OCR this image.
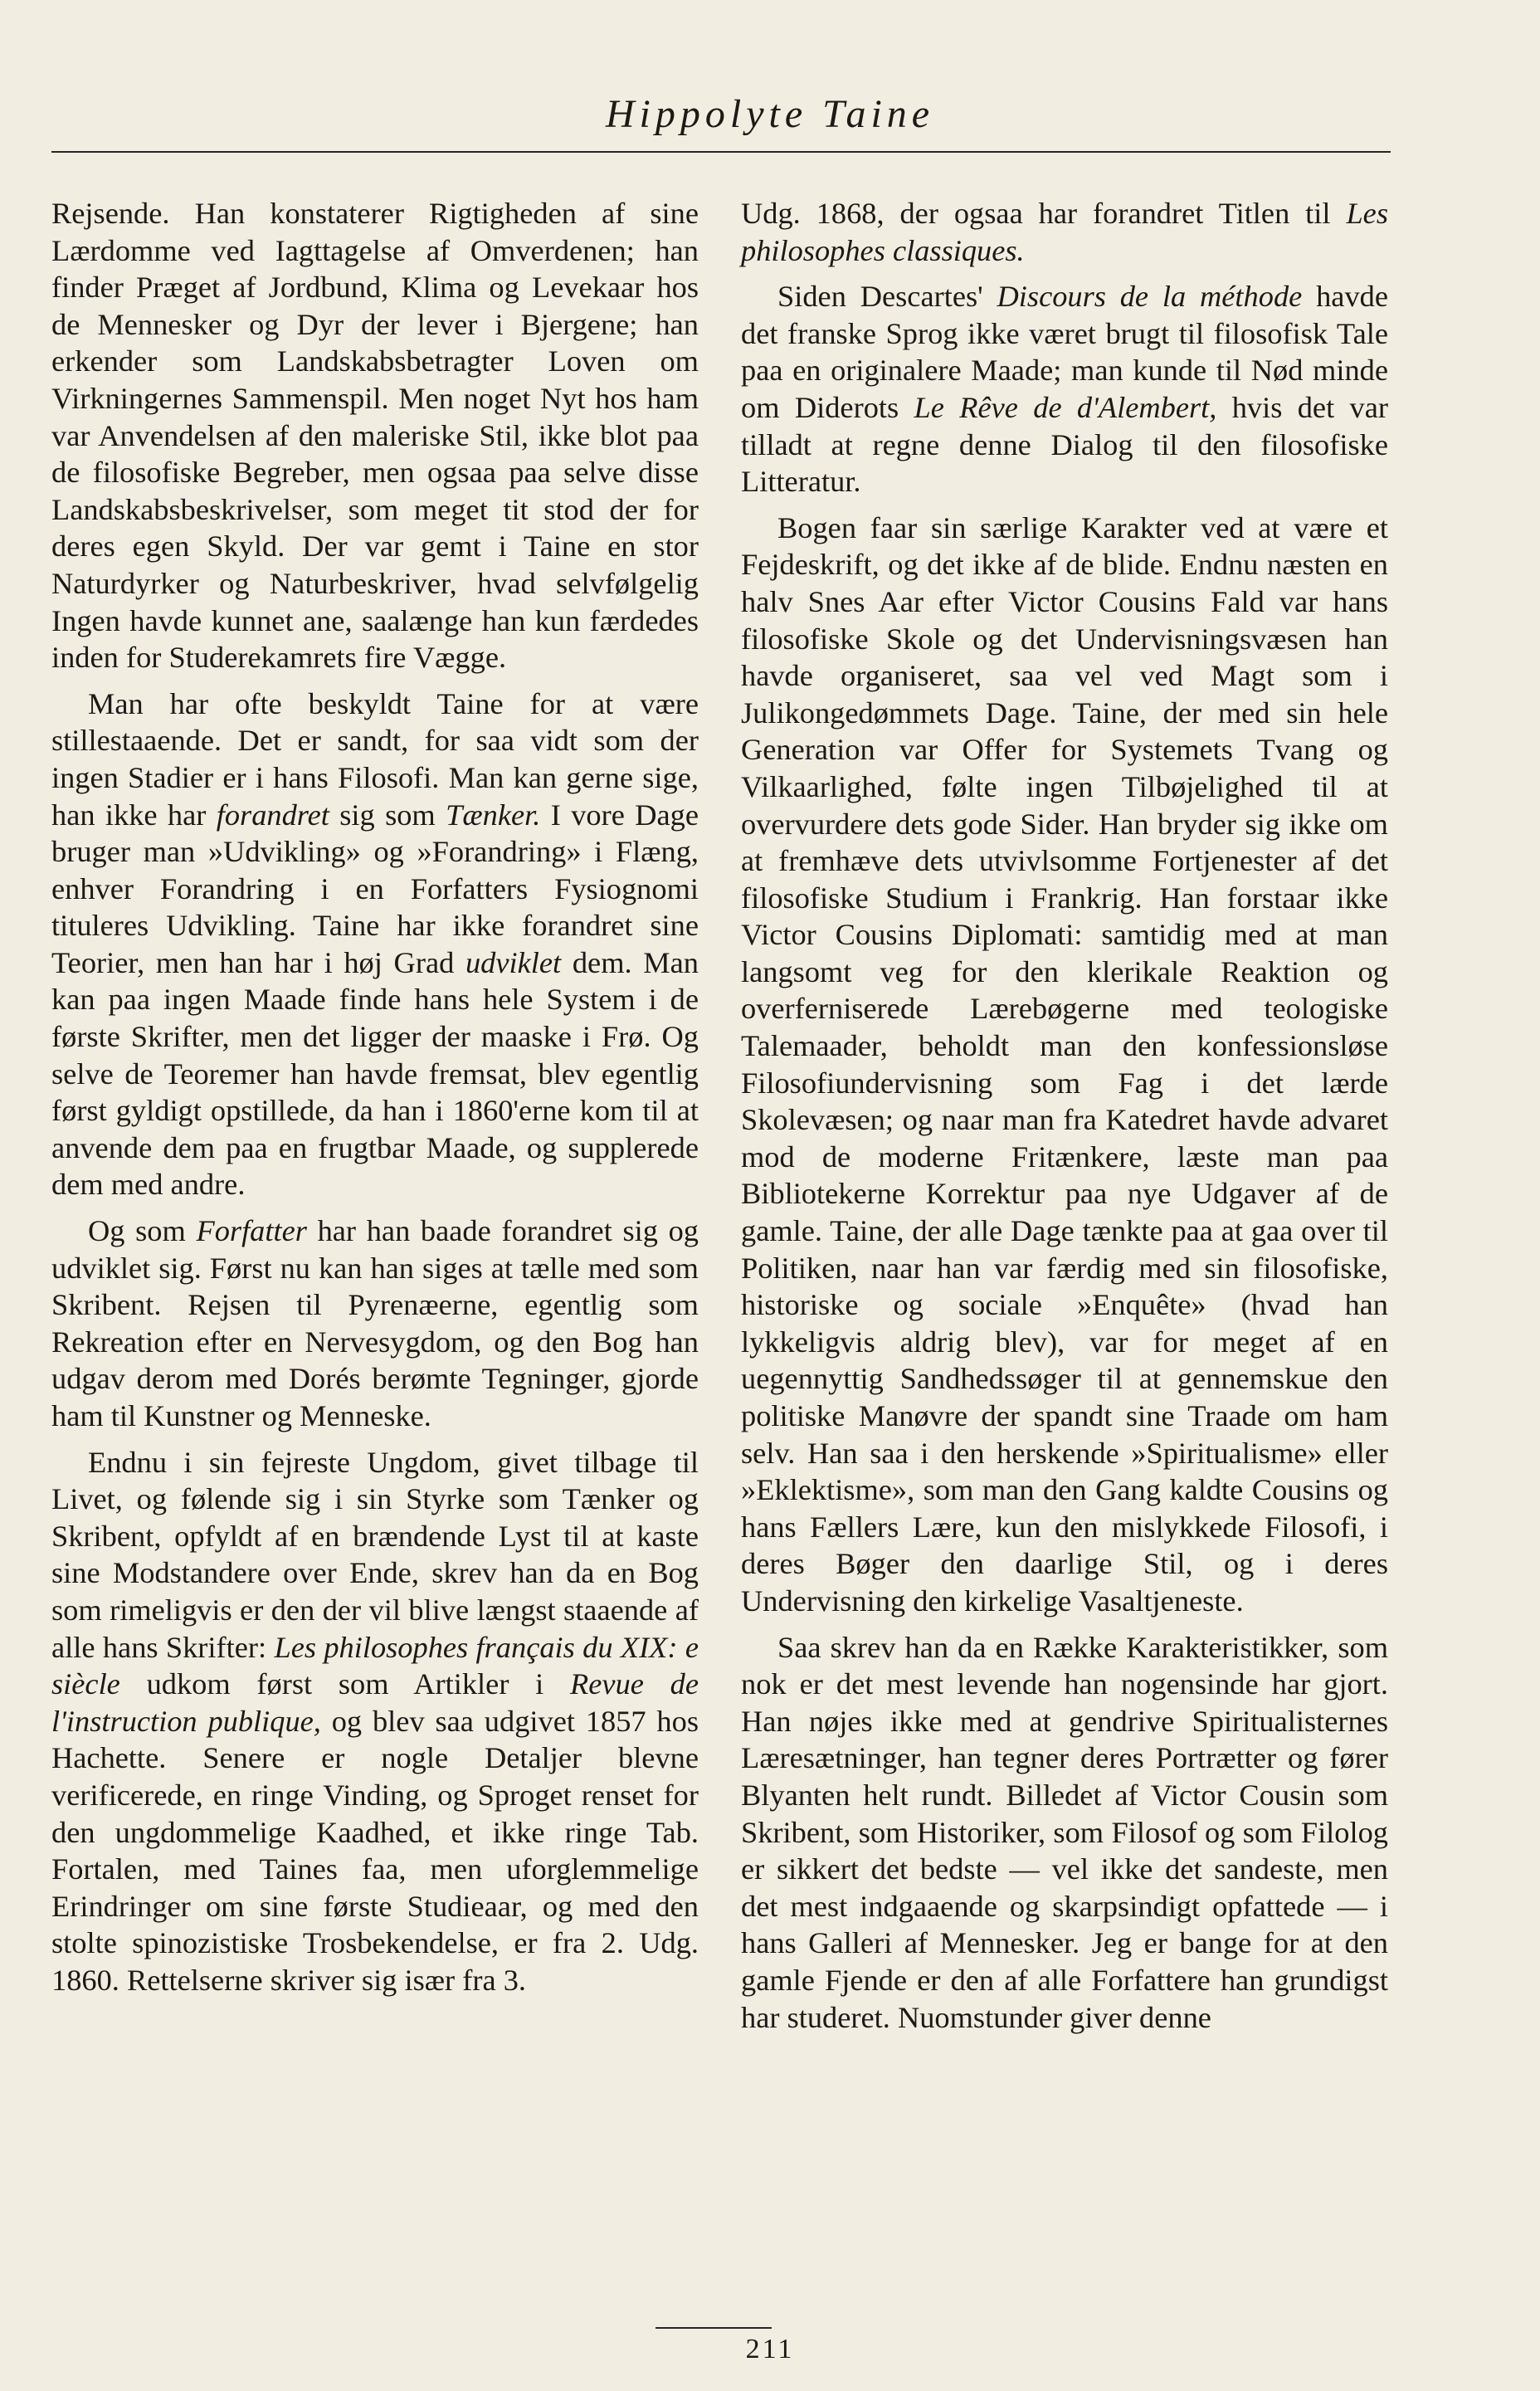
Hippolyte Taine

Rejsende. Han konstaterer Rigtigheden af sine Lærdomme ved Iagttagelse af Omverdenen; han finder Præget af Jordbund, Klima og Levekaar hos de Mennesker og Dyr der lever i Bjergene; han erkender som Landskabsbetragter Loven om Virkningernes Sammenspil. Men noget Nyt hos ham var Anvendelsen af den maleriske Stil, ikke blot paa de filosofiske Begreber, men ogsaa paa selve disse Landskabsbeskrivelser, som meget tit stod der for deres egen Skyld. Der var gemt i Taine en stor Naturdyrker og Naturbeskriver, hvad selvfølgelig Ingen havde kunnet ane, saalænge han kun færdedes inden for Studerekamrets fire Vægge.

Man har ofte beskyldt Taine for at være stillestaaende. Det er sandt, for saa vidt som der ingen Stadier er i hans Filosofi. Man kan gerne sige, han ikke har forandret sig som Tænker. I vore Dage bruger man »Udvikling» og »Forandring» i Flæng, enhver Forandring i en Forfatters Fysiognomi tituleres Udvikling. Taine har ikke forandret sine Teorier, men han har i høj Grad udviklet dem. Man kan paa ingen Maade finde hans hele System i de første Skrifter, men det ligger der maaske i Frø. Og selve de Teoremer han havde fremsat, blev egentlig først gyldigt opstillede, da han i 1860'erne kom til at anvende dem paa en frugtbar Maade, og supplerede dem med andre.

Og som Forfatter har han baade forandret sig og udviklet sig. Først nu kan han siges at tælle med som Skribent. Rejsen til Pyrenæerne, egentlig som Rekreation efter en Nervesygdom, og den Bog han udgav derom med Dorés berømte Tegninger, gjorde ham til Kunstner og Menneske.

Endnu i sin fejreste Ungdom, givet tilbage til Livet, og følende sig i sin Styrke som Tænker og Skribent, opfyldt af en brændende Lyst til at kaste sine Modstandere over Ende, skrev han da en Bog som rimeligvis er den der vil blive længst staaende af alle hans Skrifter: Les philosophes français du XIX: e siècle udkom først som Artikler i Revue de l'instruction publique, og blev saa udgivet 1857 hos Hachette. Senere er nogle Detaljer blevne verificerede, en ringe Vinding, og Sproget renset for den ungdommelige Kaadhed, et ikke ringe Tab. Fortalen, med Taines faa, men uforglemmelige Erindringer om sine første Studieaar, og med den stolte spinozistiske Trosbekendelse, er fra 2. Udg. 1860. Rettelserne skriver sig især fra 3.

Udg. 1868, der ogsaa har forandret Titlen til Les philosophes classiques.

Siden Descartes' Discours de la méthode havde det franske Sprog ikke været brugt til filosofisk Tale paa en originalere Maade; man kunde til Nød minde om Diderots Le Rêve de d'Alembert, hvis det var tilladt at regne denne Dialog til den filosofiske Litteratur.

Bogen faar sin særlige Karakter ved at være et Fejdeskrift, og det ikke af de blide. Endnu næsten en halv Snes Aar efter Victor Cousins Fald var hans filosofiske Skole og det Undervisningsvæsen han havde organiseret, saa vel ved Magt som i Julikongedømmets Dage. Taine, der med sin hele Generation var Offer for Systemets Tvang og Vilkaarlighed, følte ingen Tilbøjelighed til at overvurdere dets gode Sider. Han bryder sig ikke om at fremhæve dets utvivlsomme Fortjenester af det filosofiske Studium i Frankrig. Han forstaar ikke Victor Cousins Diplomati: samtidig med at man langsomt veg for den klerikale Reaktion og overferniserede Lærebøgerne med teologiske Talemaader, beholdt man den konfessionsløse Filosofiundervisning som Fag i det lærde Skolevæsen; og naar man fra Katedret havde advaret mod de moderne Fritænkere, læste man paa Bibliotekerne Korrektur paa nye Udgaver af de gamle. Taine, der alle Dage tænkte paa at gaa over til Politiken, naar han var færdig med sin filosofiske, historiske og sociale »Enquête» (hvad han lykkeligvis aldrig blev), var for meget af en uegennyttig Sandhedssøger til at gennemskue den politiske Manøvre der spandt sine Traade om ham selv. Han saa i den herskende »Spiritualisme» eller »Eklektisme», som man den Gang kaldte Cousins og hans Fællers Lære, kun den mislykkede Filosofi, i deres Bøger den daarlige Stil, og i deres Undervisning den kirkelige Vasaltjeneste.

Saa skrev han da en Række Karakteristikker, som nok er det mest levende han nogensinde har gjort. Han nøjes ikke med at gendrive Spiritualisternes Læresætninger, han tegner deres Portrætter og fører Blyanten helt rundt. Billedet af Victor Cousin som Skribent, som Historiker, som Filosof og som Filolog er sikkert det bedste — vel ikke det sandeste, men det mest indgaaende og skarpsindigt opfattede — i hans Galleri af Mennesker. Jeg er bange for at den gamle Fjende er den af alle Forfattere han grundigst har studeret. Nuomstunder giver denne

211
